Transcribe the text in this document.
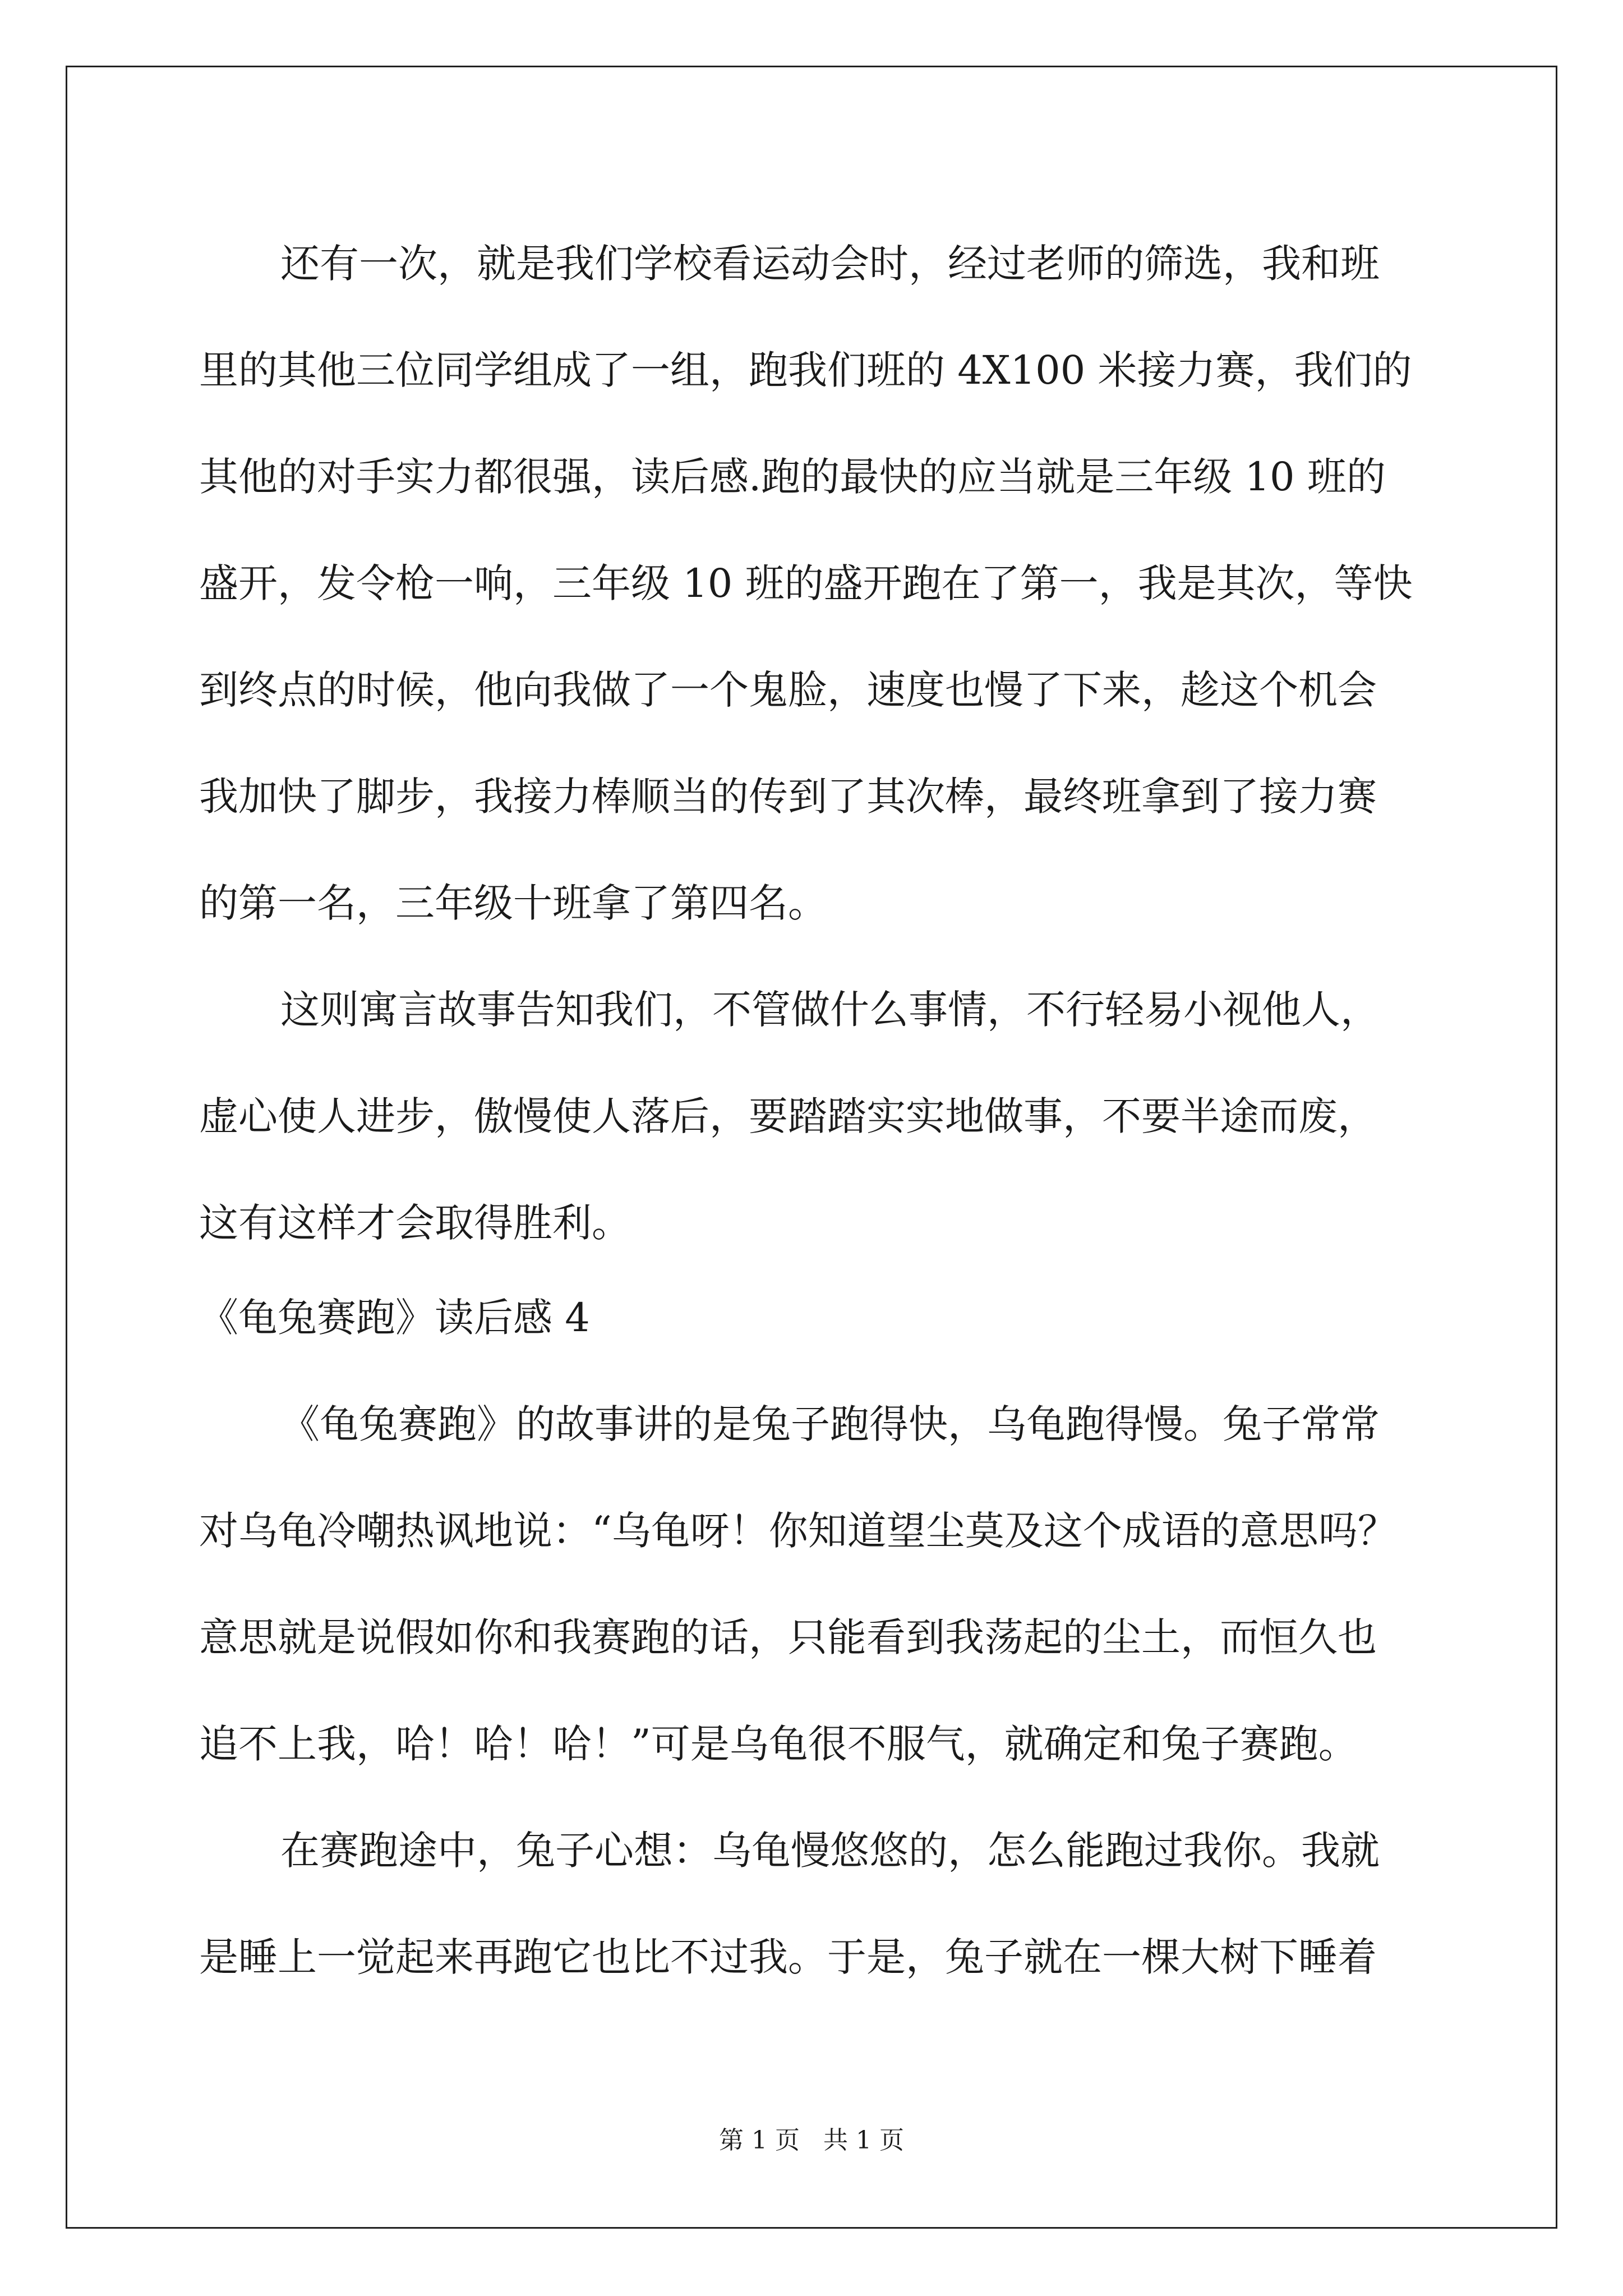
还有一次，就是我们学校看运动会时，经过老师的筛选，我和班
里的其他三位同学组成了一组，跑我们班的 4X100 米接力赛，我们的
其他的对手实力都很强，读后感.跑的最快的应当就是三年级 10 班的
盛开，发令枪一响，三年级 10 班的盛开跑在了第一，我是其次，等快
到终点的时候，他向我做了一个鬼脸，速度也慢了下来，趁这个机会
我加快了脚步，我接力棒顺当的传到了其次棒，最终班拿到了接力赛
的第一名，三年级十班拿了第四名。

这则寓言故事告知我们，不管做什么事情，不行轻易小视他人，
虚心使人进步，傲慢使人落后，要踏踏实实地做事，不要半途而废，
这有这样才会取得胜利。

《龟兔赛跑》读后感 4

《龟兔赛跑》的故事讲的是兔子跑得快，乌龟跑得慢。兔子常常
对乌龟冷嘲热讽地说：“乌龟呀！你知道望尘莫及这个成语的意思吗？
意思就是说假如你和我赛跑的话，只能看到我荡起的尘土，而恒久也
追不上我，哈！哈！哈！”可是乌龟很不服气，就确定和兔子赛跑。

在赛跑途中，兔子心想：乌龟慢悠悠的，怎么能跑过我你。我就
是睡上一觉起来再跑它也比不过我。于是，兔子就在一棵大树下睡着

第 1 页   共 1 页
